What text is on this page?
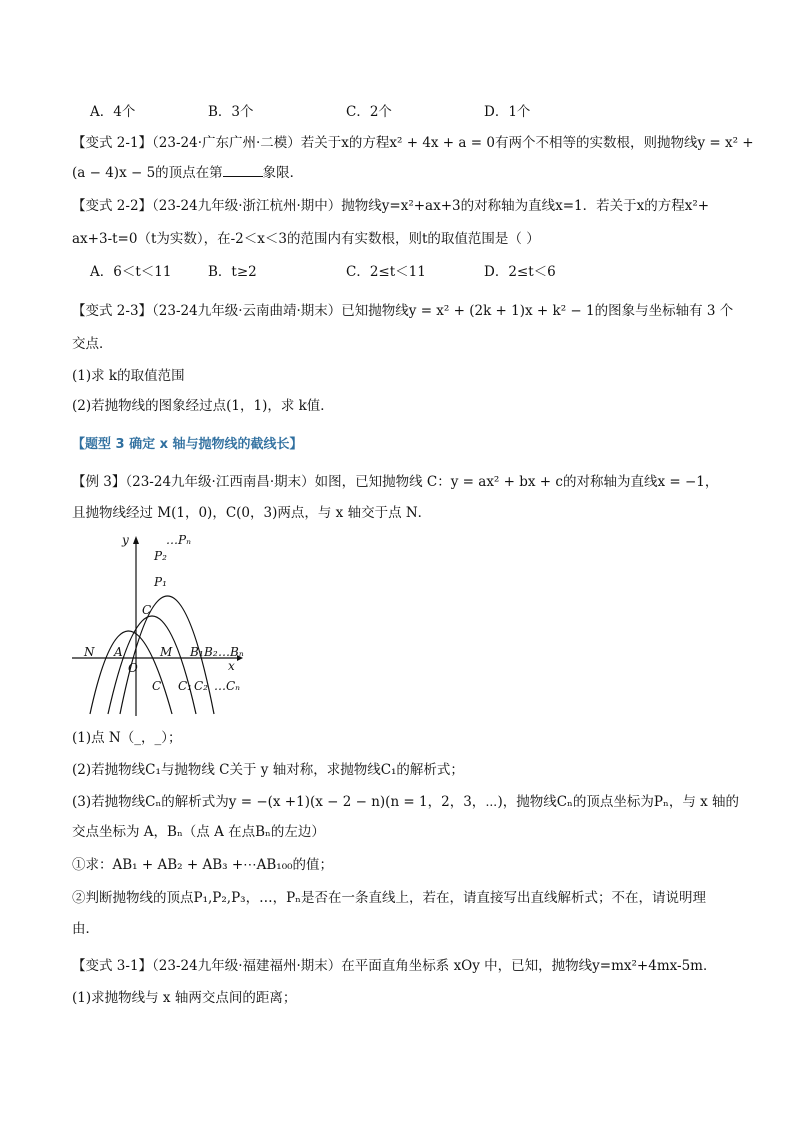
A．4个	B．3个	C．2个	D．1个
【变式 2-1】（23-24·广东广州·二模）若关于x的方程x² + 4x + a = 0有两个不相等的实数根，则抛物线y = x² +
(a − 4)x − 5的顶点在第	象限．
【变式 2-2】（23-24九年级·浙江杭州·期中）抛物线y=x²+ax+3的对称轴为直线x=1．若关于x的方程x²+
ax+3-t=0（t为实数），在-2＜x＜3的范围内有实数根，则t的取值范围是（ ）
A．6＜t＜11	B．t≥2	C．2≤t＜11	D．2≤t＜6
【变式 2-3】（23-24九年级·云南曲靖·期末）已知抛物线y = x² + (2k + 1)x + k² − 1的图象与坐标轴有 3 个
交点．
(1)求 k的取值范围
(2)若抛物线的图象经过点(1，1)，求 k值．
【题型 3 确定 x 轴与抛物线的截线长】
【例 3】（23-24九年级·江西南昌·期末）如图，已知抛物线 C：y = ax² + bx + c的对称轴为直线x = −1，
且抛物线经过 M(1，0)，C(0，3)两点，与 x 轴交于点 N．
y
x
O
N A	M
C
P₁
P₂
…Pₙ
B₁ B₂ …Bₙ
C C₁ C₂ …Cₙ
(1)点 N（_，_）；
(2)若抛物线C₁与抛物线 C关于 y 轴对称，求抛物线C₁的解析式；
(3)若抛物线Cₙ的解析式为y = −(x +1)(x − 2 − n)(n = 1，2，3，⋯)，抛物线Cₙ的顶点坐标为Pₙ，与 x 轴的
交点坐标为 A，Bₙ（点 A 在点Bₙ的左边）
①求：AB₁ + AB₂ + AB₃ +⋯AB₁₀₀的值；
②判断抛物线的顶点P₁,P₂,P₃，…，Pₙ是否在一条直线上，若在，请直接写出直线解析式；不在，请说明理
由．
【变式 3-1】（23-24九年级·福建福州·期末）在平面直角坐标系 xOy 中，已知，抛物线y=mx²+4mx-5m．
(1)求抛物线与 x 轴两交点间的距离；
